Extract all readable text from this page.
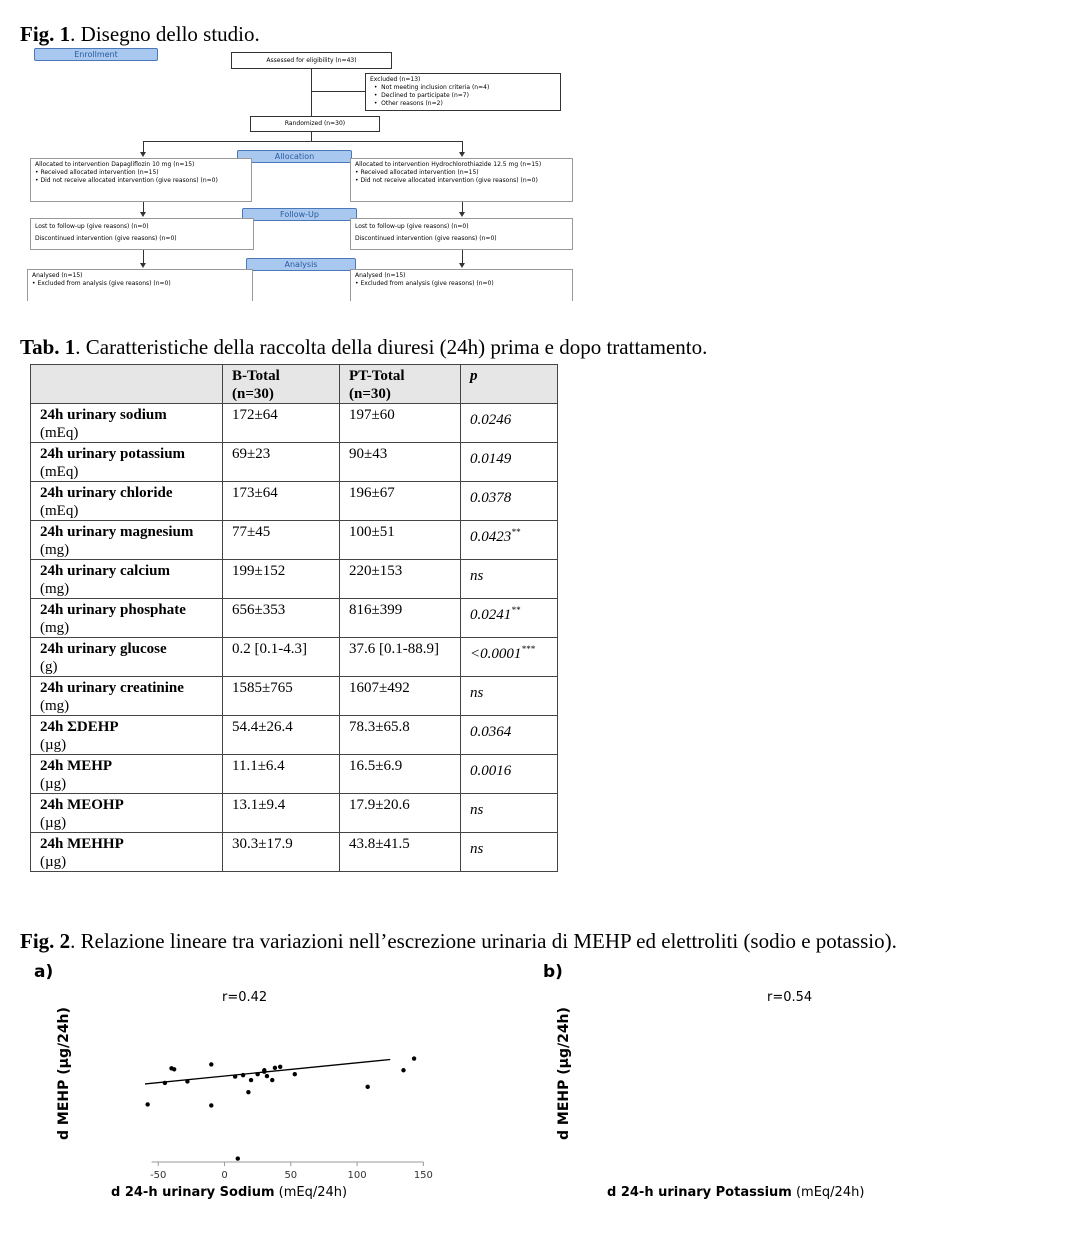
Fig. 1. Disegno dello studio.
Enrollment
Assessed for eligibility (n=43)
Excluded (n=13)
•  Not meeting inclusion criteria (n=4)
•  Declined to participate (n=7)
•  Other reasons (n=2)
Randomized (n=30)
Allocation
Allocated to intervention Dapagliflozin 10 mg (n=15)
• Received allocated intervention (n=15)
• Did not receive allocated intervention (give reasons) (n=0)
Allocated to intervention Hydrochlorothiazide 12.5 mg (n=15)
• Received allocated intervention (n=15)
• Did not receive allocated intervention (give reasons) (n=0)
Follow-Up
Lost to follow-up (give reasons) (n=0)
Discontinued intervention (give reasons) (n=0)
Lost to follow-up (give reasons) (n=0)
Discontinued intervention (give reasons) (n=0)
Analysis
Analysed (n=15)
• Excluded from analysis (give reasons) (n=0)
Analysed (n=15)
• Excluded from analysis (give reasons) (n=0)
Tab. 1. Caratteristiche della raccolta della diuresi (24h) prima e dopo trattamento.
	B-Total
(n=30)	PT-Total
(n=30)	p
24h urinary sodium
(mEq)	172±64	197±60	0.0246
24h urinary potassium
(mEq)	69±23	90±43	0.0149
24h urinary chloride
(mEq)	173±64	196±67	0.0378
24h urinary magnesium
(mg)	77±45	100±51	0.0423**
24h urinary calcium
(mg)	199±152	220±153	ns
24h urinary phosphate
(mg)	656±353	816±399	0.0241**
24h urinary glucose
(g)	0.2 [0.1-4.3]	37.6 [0.1-88.9]	<0.0001***
24h urinary creatinine
(mg)	1585±765	1607±492	ns
24h ΣDEHP
(µg)	54.4±26.4	78.3±65.8	0.0364
24h MEHP
(µg)	11.1±6.4	16.5±6.9	0.0016
24h MEOHP
(µg)	13.1±9.4	17.9±20.6	ns
24h MEHHP
(µg)	30.3±17.9	43.8±41.5	ns
Fig. 2. Relazione lineare tra variazioni nell’escrezione urinaria di MEHP ed elettroliti (sodio e potassio).
a)	b)
r=0.42
d MEHP (µg/24h)
-50	0	50	100	150
d 24-h urinary Sodium (mEq/24h)
r=0.54
d MEHP (µg/24h)
d 24-h urinary Potassium (mEq/24h)
